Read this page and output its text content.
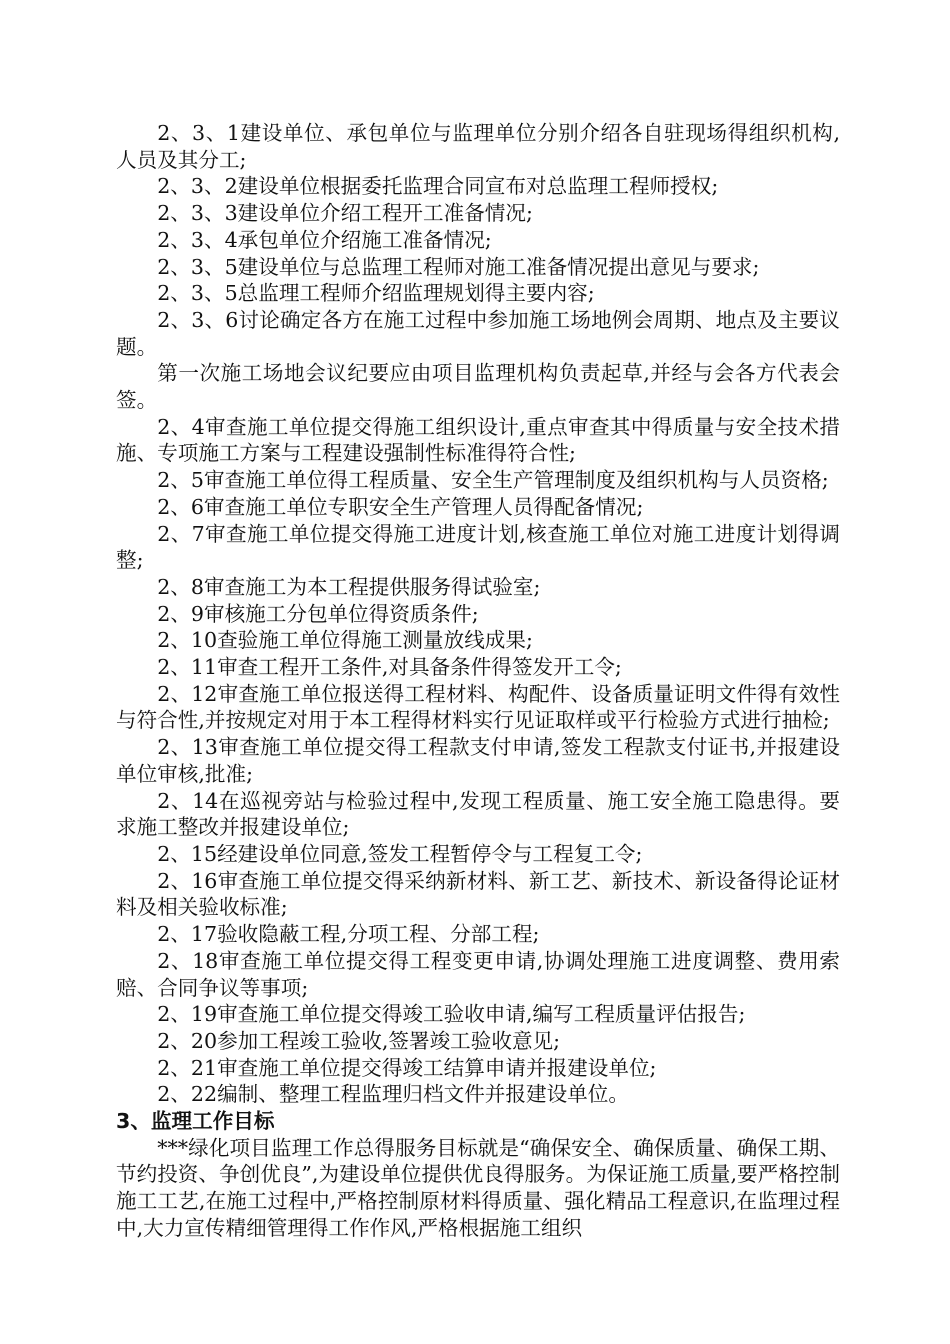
2、3、1建设单位、承包单位与监理单位分别介绍各自驻现场得组织机构,人员及其分工;

2、3、2建设单位根据委托监理合同宣布对总监理工程师授权;

2、3、3建设单位介绍工程开工准备情况;

2、3、4承包单位介绍施工准备情况;

2、3、5建设单位与总监理工程师对施工准备情况提出意见与要求;

2、3、5总监理工程师介绍监理规划得主要内容;

2、3、6讨论确定各方在施工过程中参加施工场地例会周期、地点及主要议题。

第一次施工场地会议纪要应由项目监理机构负责起草,并经与会各方代表会签。

2、4审查施工单位提交得施工组织设计,重点审查其中得质量与安全技术措施、专项施工方案与工程建设强制性标准得符合性;

2、5审查施工单位得工程质量、安全生产管理制度及组织机构与人员资格;

2、6审查施工单位专职安全生产管理人员得配备情况;

2、7审查施工单位提交得施工进度计划,核查施工单位对施工进度计划得调整;

2、8审查施工为本工程提供服务得试验室;

2、9审核施工分包单位得资质条件;

2、10查验施工单位得施工测量放线成果;

2、11审查工程开工条件,对具备条件得签发开工令;

2、12审查施工单位报送得工程材料、构配件、设备质量证明文件得有效性与符合性,并按规定对用于本工程得材料实行见证取样或平行检验方式进行抽检;

2、13审查施工单位提交得工程款支付申请,签发工程款支付证书,并报建设单位审核,批准;

2、14在巡视旁站与检验过程中,发现工程质量、施工安全施工隐患得。要求施工整改并报建设单位;

2、15经建设单位同意,签发工程暂停令与工程复工令;

2、16审查施工单位提交得采纳新材料、新工艺、新技术、新设备得论证材料及相关验收标准;

2、17验收隐蔽工程,分项工程、分部工程;

2、18审查施工单位提交得工程变更申请,协调处理施工进度调整、费用索赔、合同争议等事项;

2、19审查施工单位提交得竣工验收申请,编写工程质量评估报告;

2、20参加工程竣工验收,签署竣工验收意见;

2、21审查施工单位提交得竣工结算申请并报建设单位;

2、22编制、整理工程监理归档文件并报建设单位。

3、监理工作目标

***绿化项目监理工作总得服务目标就是“确保安全、确保质量、确保工期、节约投资、争创优良”,为建设单位提供优良得服务。为保证施工质量,要严格控制施工工艺,在施工过程中,严格控制原材料得质量、强化精品工程意识,在监理过程中,大力宣传精细管理得工作作风,严格根据施工组织
